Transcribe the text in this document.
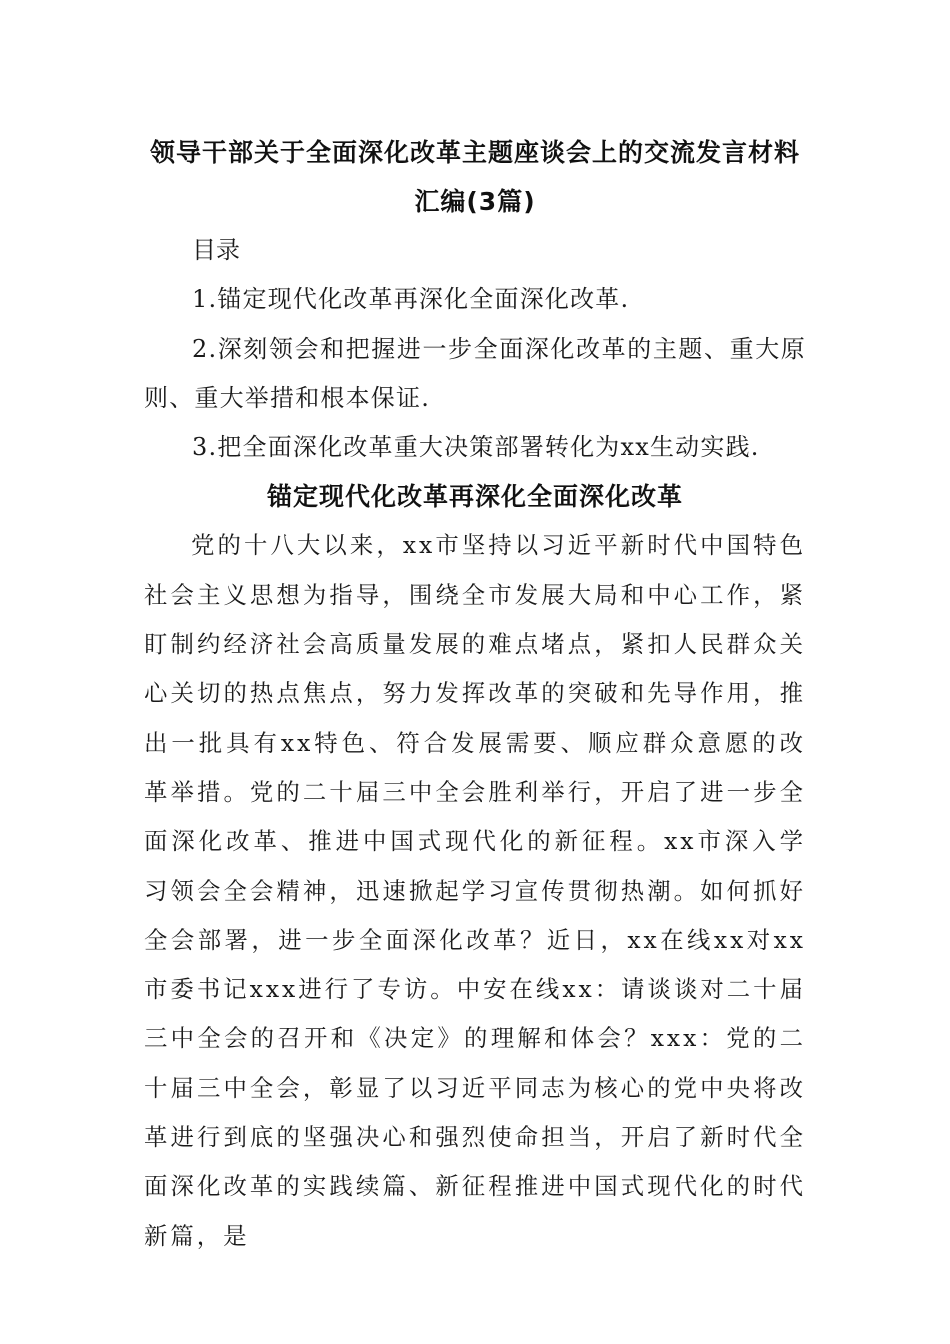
领导干部关于全面深化改革主题座谈会上的交流发言材料
汇编(3篇)

目录

1.锚定现代化改革再深化全面深化改革.

2.深刻领会和把握进一步全面深化改革的主题、重大原则、重大举措和根本保证.

3.把全面深化改革重大决策部署转化为xx生动实践.

锚定现代化改革再深化全面深化改革

党的十八大以来，xx市坚持以习近平新时代中国特色社会主义思想为指导，围绕全市发展大局和中心工作，紧盯制约经济社会高质量发展的难点堵点，紧扣人民群众关心关切的热点焦点，努力发挥改革的突破和先导作用，推出一批具有xx特色、符合发展需要、顺应群众意愿的改革举措。党的二十届三中全会胜利举行，开启了进一步全面深化改革、推进中国式现代化的新征程。xx市深入学习领会全会精神，迅速掀起学习宣传贯彻热潮。如何抓好全会部署，进一步全面深化改革？近日，xx在线xx对xx市委书记xxx进行了专访。中安在线xx：请谈谈对二十届三中全会的召开和《决定》的理解和体会？xxx：党的二十届三中全会，彰显了以习近平同志为核心的党中央将改革进行到底的坚强决心和强烈使命担当，开启了新时代全面深化改革的实践续篇、新征程推进中国式现代化的时代新篇，是
